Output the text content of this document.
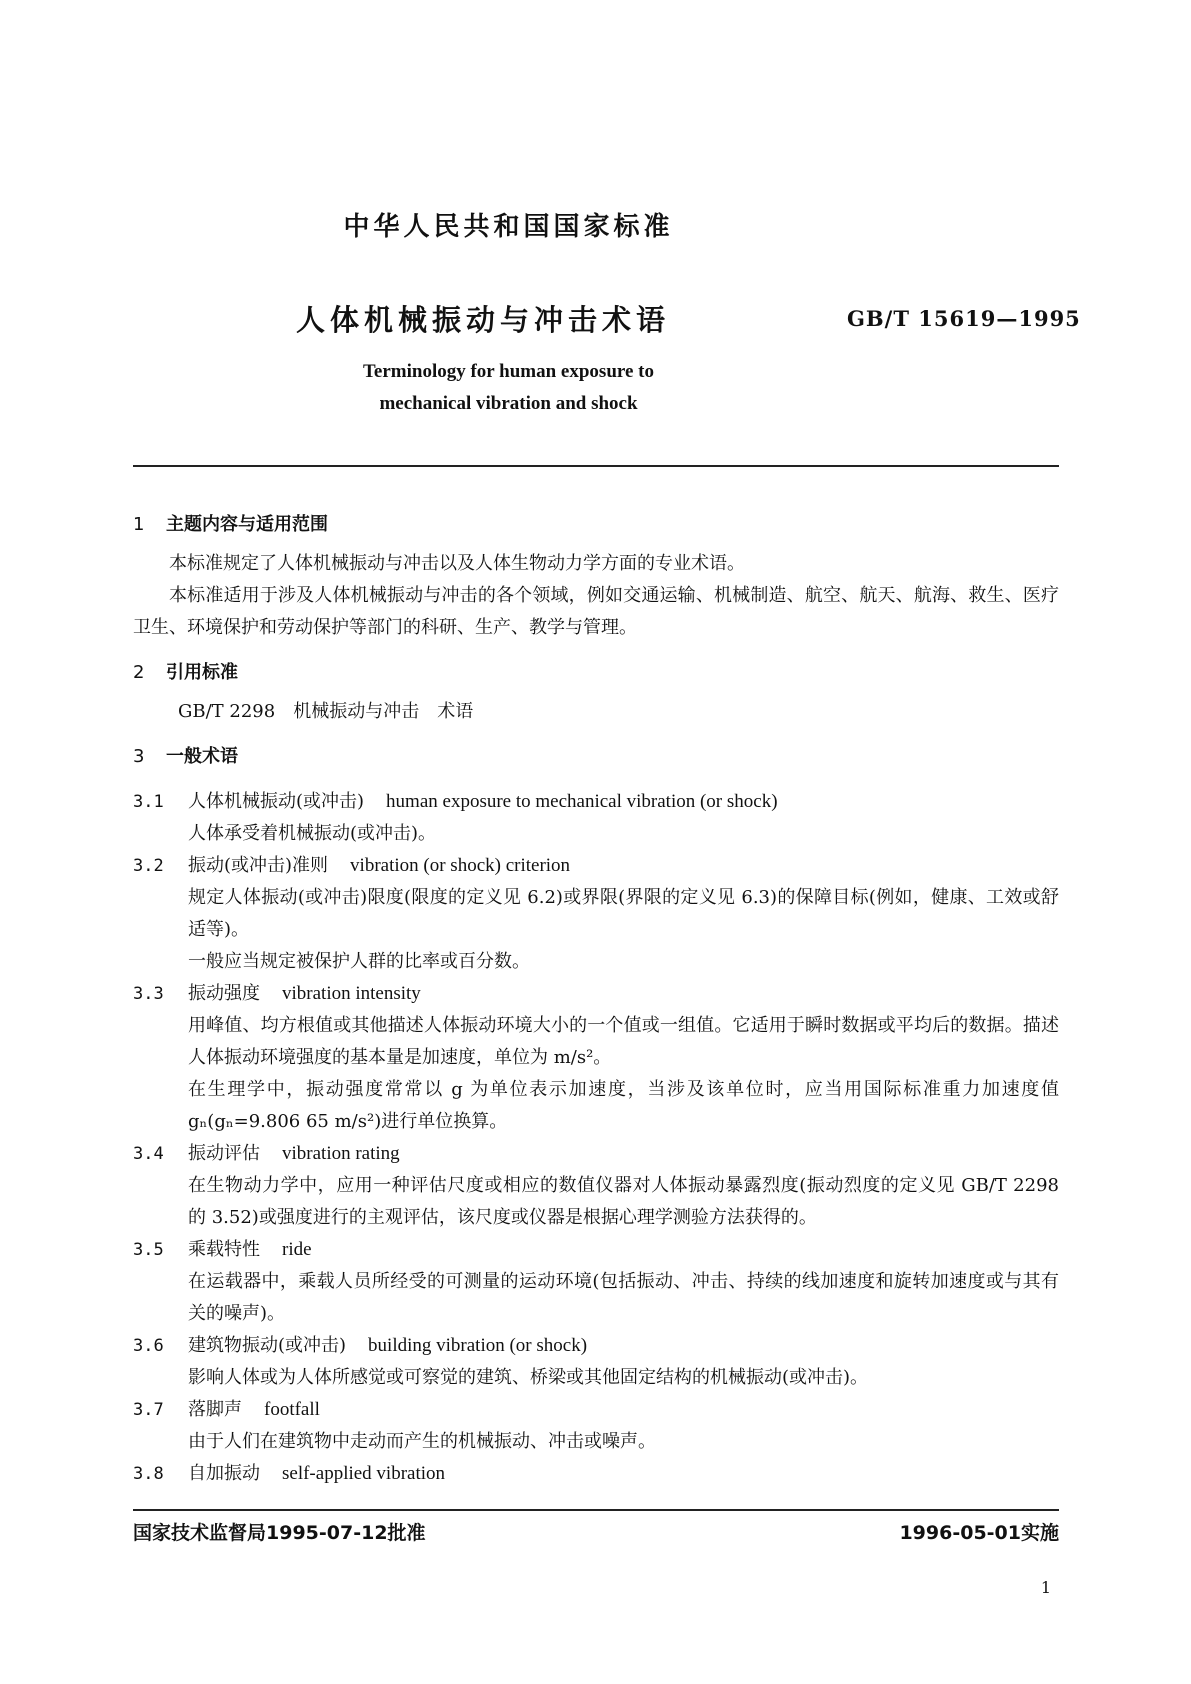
中华人民共和国国家标准
人体机械振动与冲击术语	GB/T 15619—1995
Terminology for human exposure to
mechanical vibration and shock
1	主题内容与适用范围

本标准规定了人体机械振动与冲击以及人体生物动力学方面的专业术语。

本标准适用于涉及人体机械振动与冲击的各个领域，例如交通运输、机械制造、航空、航天、航海、救生、医疗卫生、环境保护和劳动保护等部门的科研、生产、教学与管理。

2	引用标准

GB/T 2298 机械振动与冲击 术语

3	一般术语
3.1	人体机械振动(或冲击) human exposure to mechanical vibration (or shock)

人体承受着机械振动(或冲击)。

3.2	振动(或冲击)准则 vibration (or shock) criterion

规定人体振动(或冲击)限度(限度的定义见 6.2)或界限(界限的定义见 6.3)的保障目标(例如，健康、工效或舒适等)。

一般应当规定被保护人群的比率或百分数。

3.3	振动强度 vibration intensity

用峰值、均方根值或其他描述人体振动环境大小的一个值或一组值。它适用于瞬时数据或平均后的数据。描述人体振动环境强度的基本量是加速度，单位为 m/s²。

在生理学中，振动强度常常以 g 为单位表示加速度，当涉及该单位时，应当用国际标准重力加速度值 gₙ(gₙ=9.806 65 m/s²)进行单位换算。

3.4	振动评估 vibration rating

在生物动力学中，应用一种评估尺度或相应的数值仪器对人体振动暴露烈度(振动烈度的定义见 GB/T 2298 的 3.52)或强度进行的主观评估，该尺度或仪器是根据心理学测验方法获得的。

3.5	乘载特性 ride

在运载器中，乘载人员所经受的可测量的运动环境(包括振动、冲击、持续的线加速度和旋转加速度或与其有关的噪声)。

3.6	建筑物振动(或冲击) building vibration (or shock)

影响人体或为人体所感觉或可察觉的建筑、桥梁或其他固定结构的机械振动(或冲击)。

3.7	落脚声 footfall

由于人们在建筑物中走动而产生的机械振动、冲击或噪声。

3.8	自加振动 self-applied vibration
国家技术监督局1995-07-12批准	1996-05-01实施
1
